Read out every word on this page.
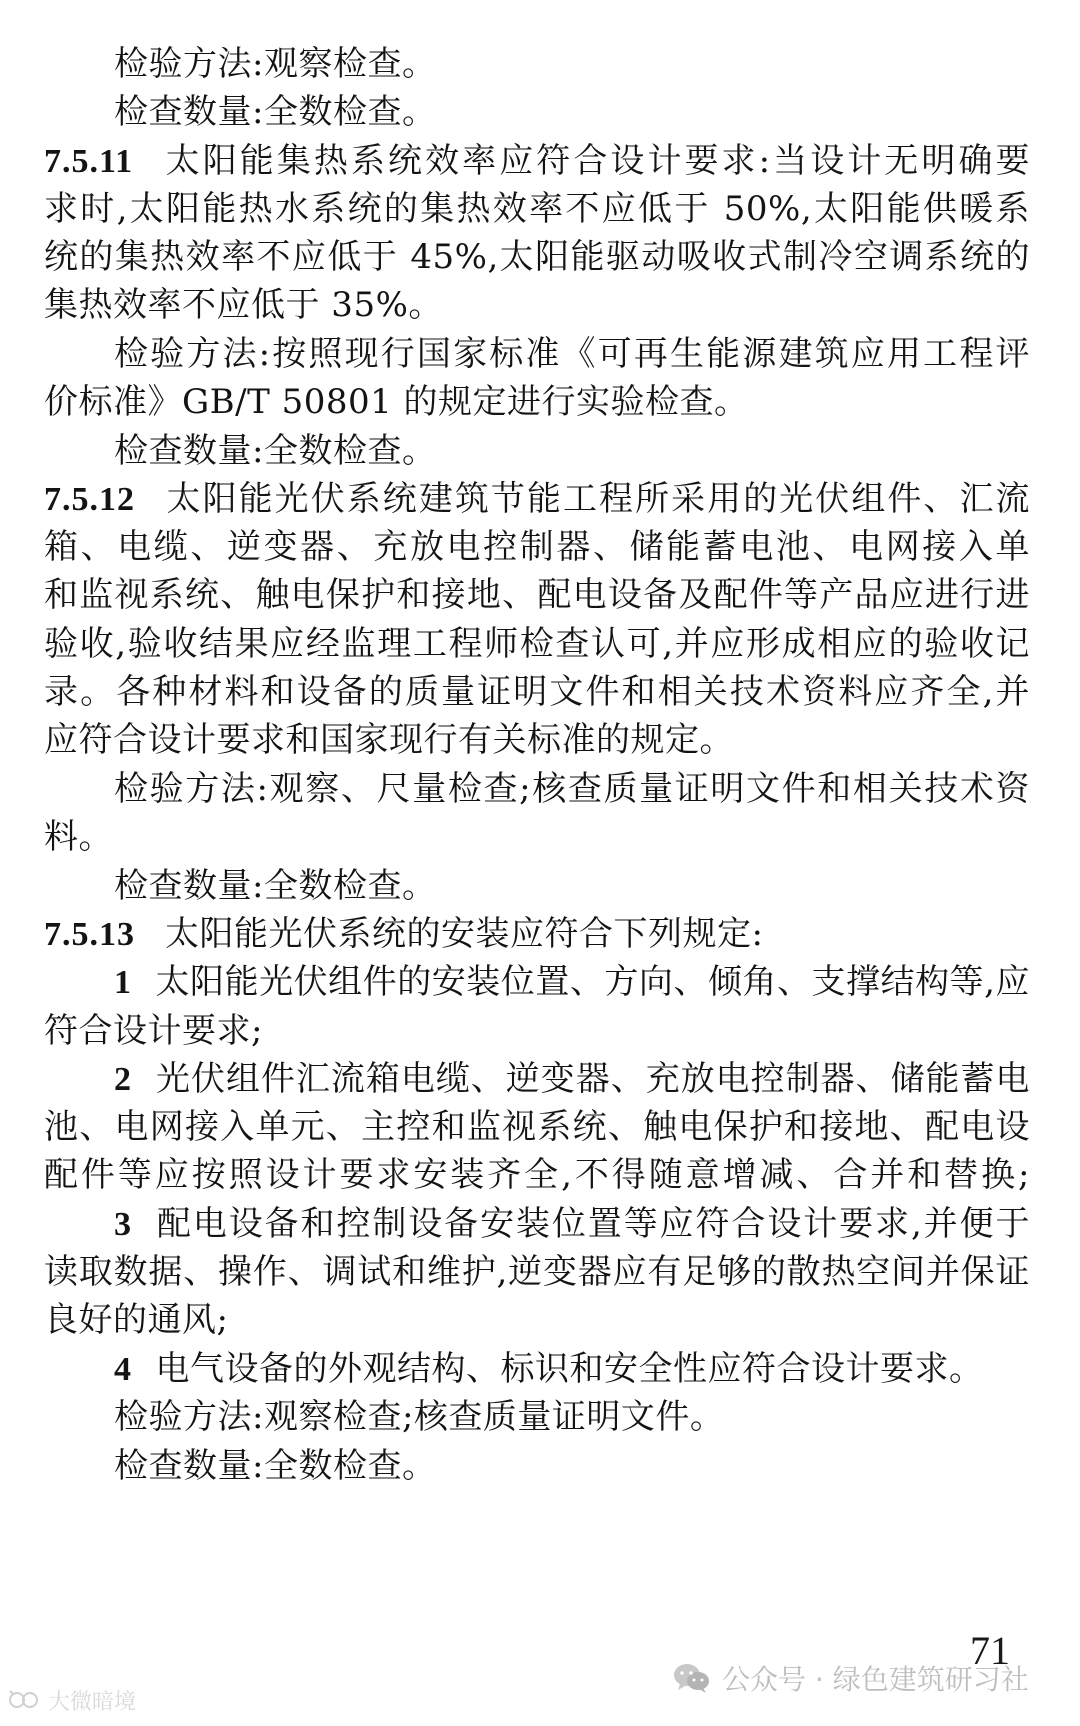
检验方法:观察检查。
检查数量:全数检查。
7.5.11 太阳能集热系统效率应符合设计要求:当设计无明确要
求时,太阳能热水系统的集热效率不应低于 50%,太阳能供暖系
统的集热效率不应低于 45%,太阳能驱动吸收式制冷空调系统的
集热效率不应低于 35%。
检验方法:按照现行国家标准《可再生能源建筑应用工程评
价标准》GB/T 50801 的规定进行实验检查。
检查数量:全数检查。
7.5.12 太阳能光伏系统建筑节能工程所采用的光伏组件、汇流
箱、电缆、逆变器、充放电控制器、储能蓄电池、电网接入单
和监视系统、触电保护和接地、配电设备及配件等产品应进行进
验收,验收结果应经监理工程师检查认可,并应形成相应的验收记
录。各种材料和设备的质量证明文件和相关技术资料应齐全,并
应符合设计要求和国家现行有关标准的规定。
检验方法:观察、尺量检查;核查质量证明文件和相关技术资
料。
检查数量:全数检查。
7.5.13 太阳能光伏系统的安装应符合下列规定:
1 太阳能光伏组件的安装位置、方向、倾角、支撑结构等,应
符合设计要求;
2 光伏组件汇流箱电缆、逆变器、充放电控制器、储能蓄电
池、电网接入单元、主控和监视系统、触电保护和接地、配电设
配件等应按照设计要求安装齐全,不得随意增减、合并和替换;
3 配电设备和控制设备安装位置等应符合设计要求,并便于
读取数据、操作、调试和维护,逆变器应有足够的散热空间并保证
良好的通风;
4 电气设备的外观结构、标识和安全性应符合设计要求。
检验方法:观察检查;核查质量证明文件。
检查数量:全数检查。
71
公众号 · 绿色建筑研习社
大微暗境
